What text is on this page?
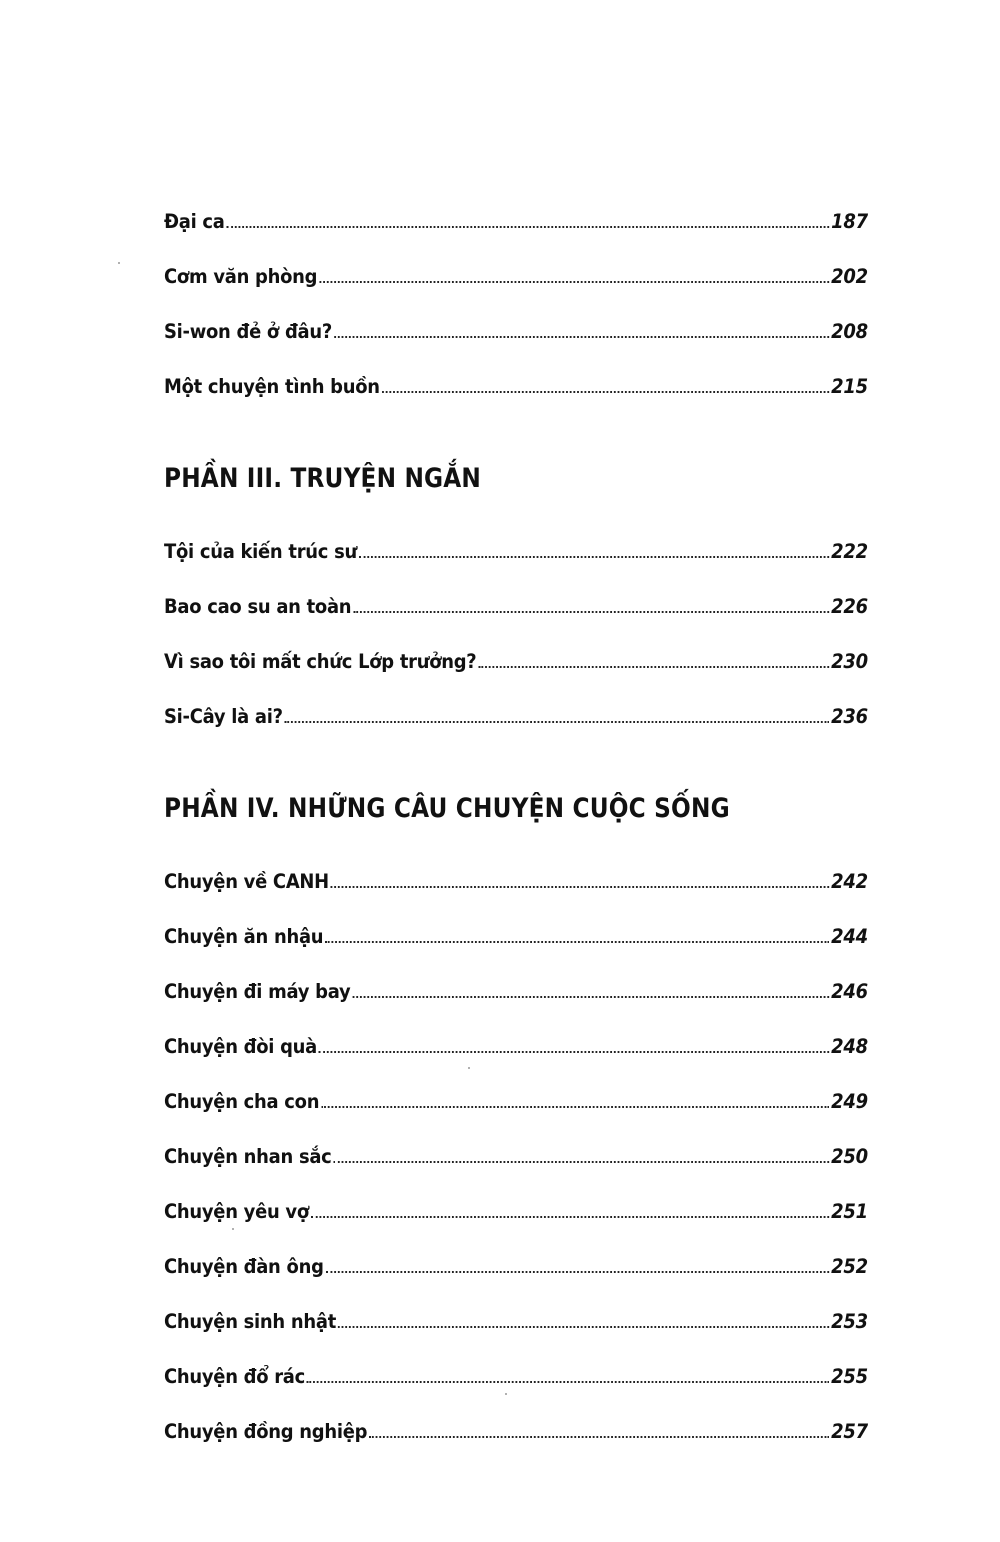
Đại ca	187
Cơm văn phòng	202
Si-won đẻ ở đâu?	208
Một chuyện tình buồn	215
PHẦN III. TRUYỆN NGẮN
Tội của kiến trúc sư	222
Bao cao su an toàn	226
Vì sao tôi mất chức Lớp trưởng?	230
Si-Cây là ai?	236
PHẦN IV. NHỮNG CÂU CHUYỆN CUỘC SỐNG
Chuyện về CANH	242
Chuyện ăn nhậu	244
Chuyện đi máy bay	246
Chuyện đòi quà	248
Chuyện cha con	249
Chuyện nhan sắc	250
Chuyện yêu vợ	251
Chuyện đàn ông	252
Chuyện sinh nhật	253
Chuyện đổ rác	255
Chuyện đồng nghiệp	257
